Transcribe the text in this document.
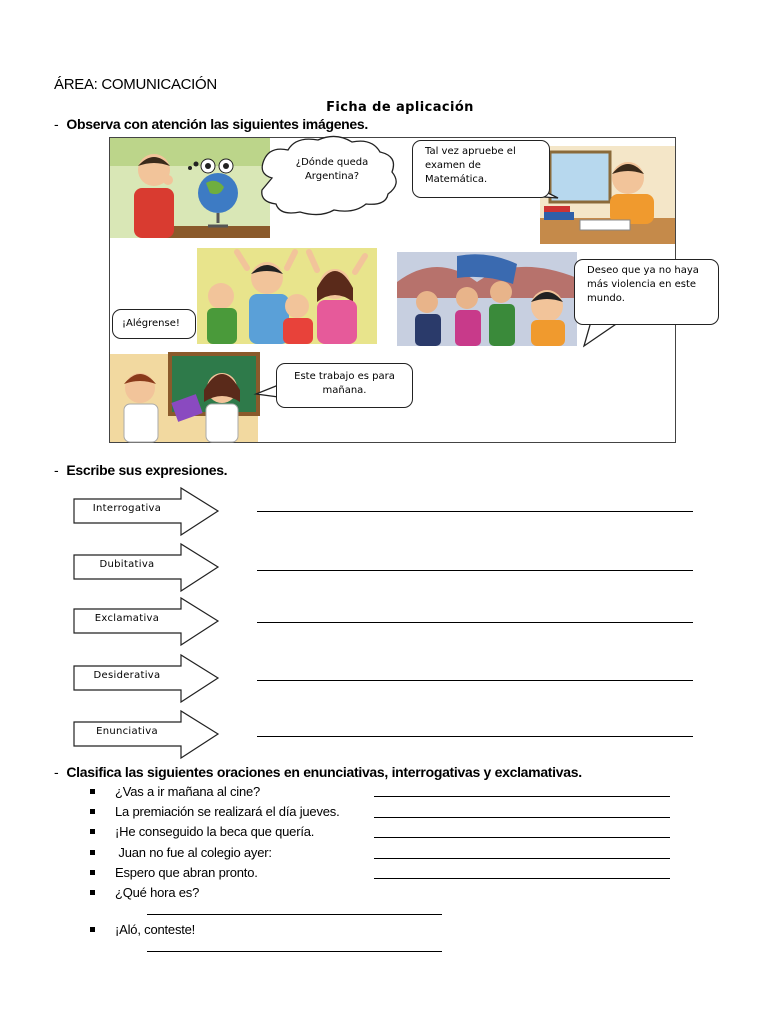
ÁREA: COMUNICACIÓN
Ficha de aplicación
- Observa con atención las siguientes imágenes.
¿Dónde queda Argentina?
Tal vez apruebe el examen de Matemática.
¡Alégrense!
Deseo que ya no haya más violencia en este mundo.
Este trabajo es para mañana.
- Escribe sus expresiones.
Interrogativa
Dubitativa
Exclamativa
Desiderativa
Enunciativa
- Clasifica las siguientes oraciones en enunciativas, interrogativas y exclamativas.
¿Vas a ir mañana al cine?
La premiación se realizará el día jueves.
¡He conseguido la beca que quería.
Juan no fue al colegio ayer:
Espero que abran pronto.
¿Qué hora es?
¡Aló, conteste!
